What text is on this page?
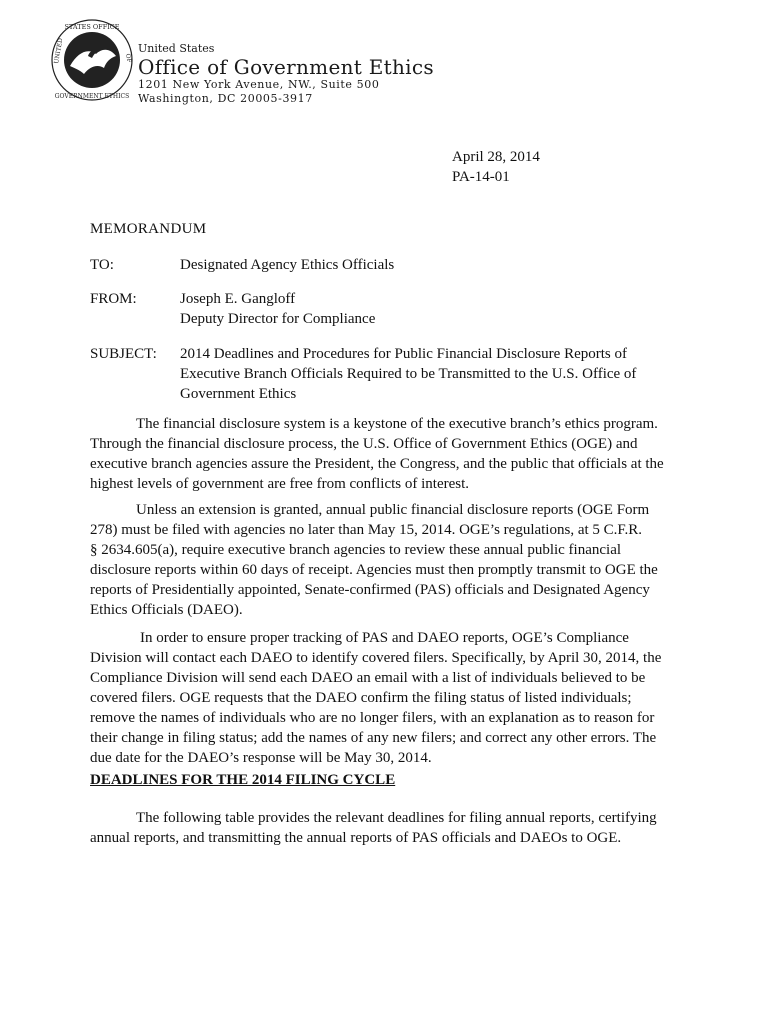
STATES OFFICE
UNITED	OF
GOVERNMENT ETHICS
United States
Office of Government Ethics
1201 New York Avenue, NW., Suite 500
Washington, DC 20005-3917
April 28, 2014
PA-14-01
MEMORANDUM
TO:	Designated Agency Ethics Officials
FROM:	Joseph E. Gangloff
Deputy Director for Compliance
SUBJECT:	2014 Deadlines and Procedures for Public Financial Disclosure Reports of
Executive Branch Officials Required to be Transmitted to the U.S. Office of
Government Ethics
The financial disclosure system is a keystone of the executive branch’s ethics program.
Through the financial disclosure process, the U.S. Office of Government Ethics (OGE) and
executive branch agencies assure the President, the Congress, and the public that officials at the
highest levels of government are free from conflicts of interest.
Unless an extension is granted, annual public financial disclosure reports (OGE Form
278) must be filed with agencies no later than May 15, 2014. OGE’s regulations, at 5 C.F.R.
§ 2634.605(a), require executive branch agencies to review these annual public financial
disclosure reports within 60 days of receipt. Agencies must then promptly transmit to OGE the
reports of Presidentially appointed, Senate-confirmed (PAS) officials and Designated Agency
Ethics Officials (DAEO).
In order to ensure proper tracking of PAS and DAEO reports, OGE’s Compliance
Division will contact each DAEO to identify covered filers. Specifically, by April 30, 2014, the
Compliance Division will send each DAEO an email with a list of individuals believed to be
covered filers. OGE requests that the DAEO confirm the filing status of listed individuals;
remove the names of individuals who are no longer filers, with an explanation as to reason for
their change in filing status; add the names of any new filers; and correct any other errors. The
due date for the DAEO’s response will be May 30, 2014.
DEADLINES FOR THE 2014 FILING CYCLE
The following table provides the relevant deadlines for filing annual reports, certifying
annual reports, and transmitting the annual reports of PAS officials and DAEOs to OGE.
